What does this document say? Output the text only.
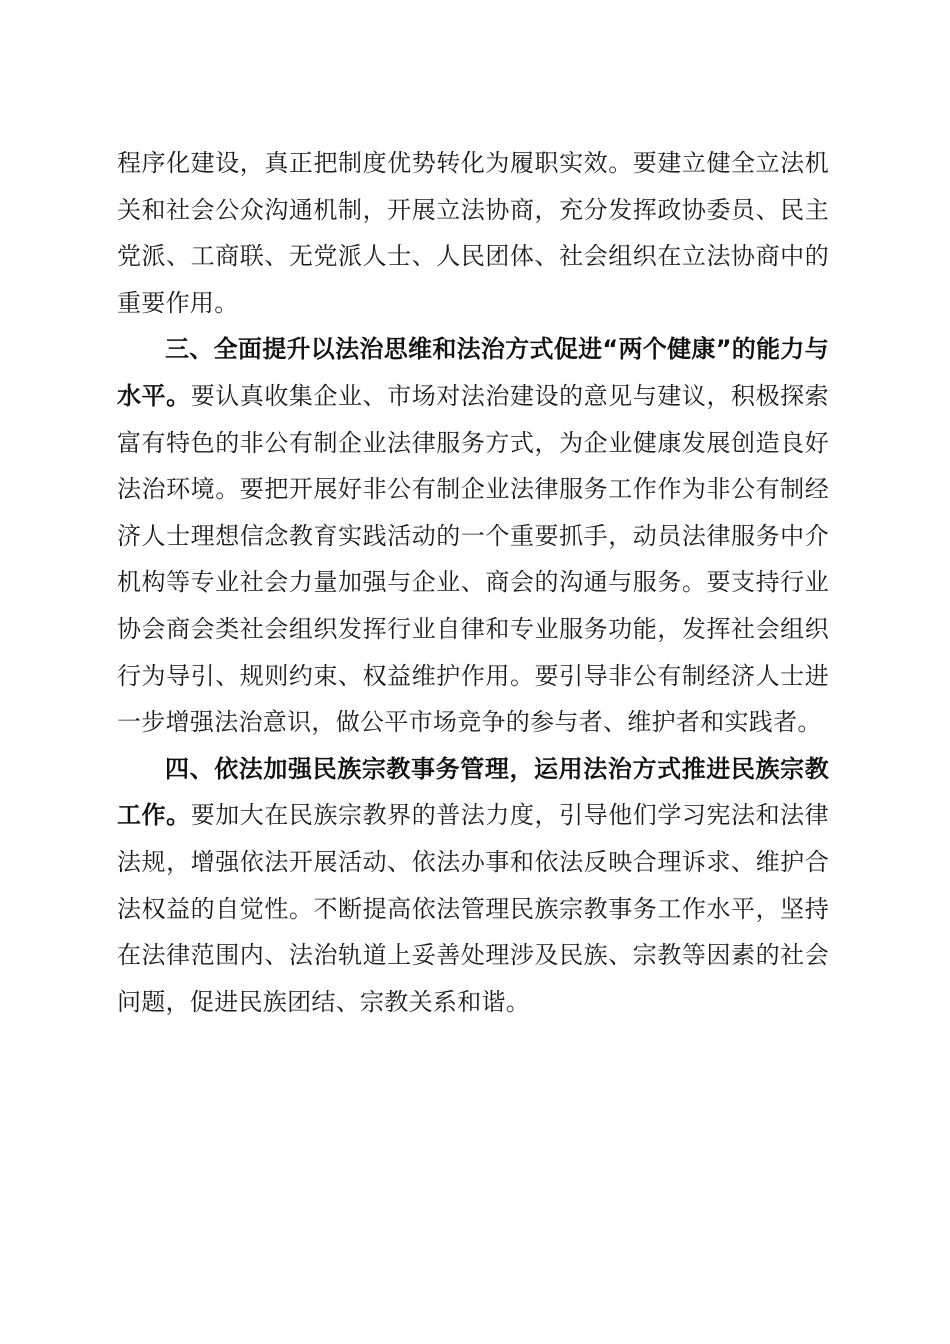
程序化建设，真正把制度优势转化为履职实效。要建立健全立法机关和社会公众沟通机制，开展立法协商，充分发挥政协委员、民主党派、工商联、无党派人士、人民团体、社会组织在立法协商中的重要作用。

三、全面提升以法治思维和法治方式促进“两个健康”的能力与水平。要认真收集企业、市场对法治建设的意见与建议，积极探索富有特色的非公有制企业法律服务方式，为企业健康发展创造良好法治环境。要把开展好非公有制企业法律服务工作作为非公有制经济人士理想信念教育实践活动的一个重要抓手，动员法律服务中介机构等专业社会力量加强与企业、商会的沟通与服务。要支持行业协会商会类社会组织发挥行业自律和专业服务功能，发挥社会组织行为导引、规则约束、权益维护作用。要引导非公有制经济人士进一步增强法治意识，做公平市场竞争的参与者、维护者和实践者。

四、依法加强民族宗教事务管理，运用法治方式推进民族宗教工作。要加大在民族宗教界的普法力度，引导他们学习宪法和法律法规，增强依法开展活动、依法办事和依法反映合理诉求、维护合法权益的自觉性。不断提高依法管理民族宗教事务工作水平，坚持在法律范围内、法治轨道上妥善处理涉及民族、宗教等因素的社会问题，促进民族团结、宗教关系和谐。
